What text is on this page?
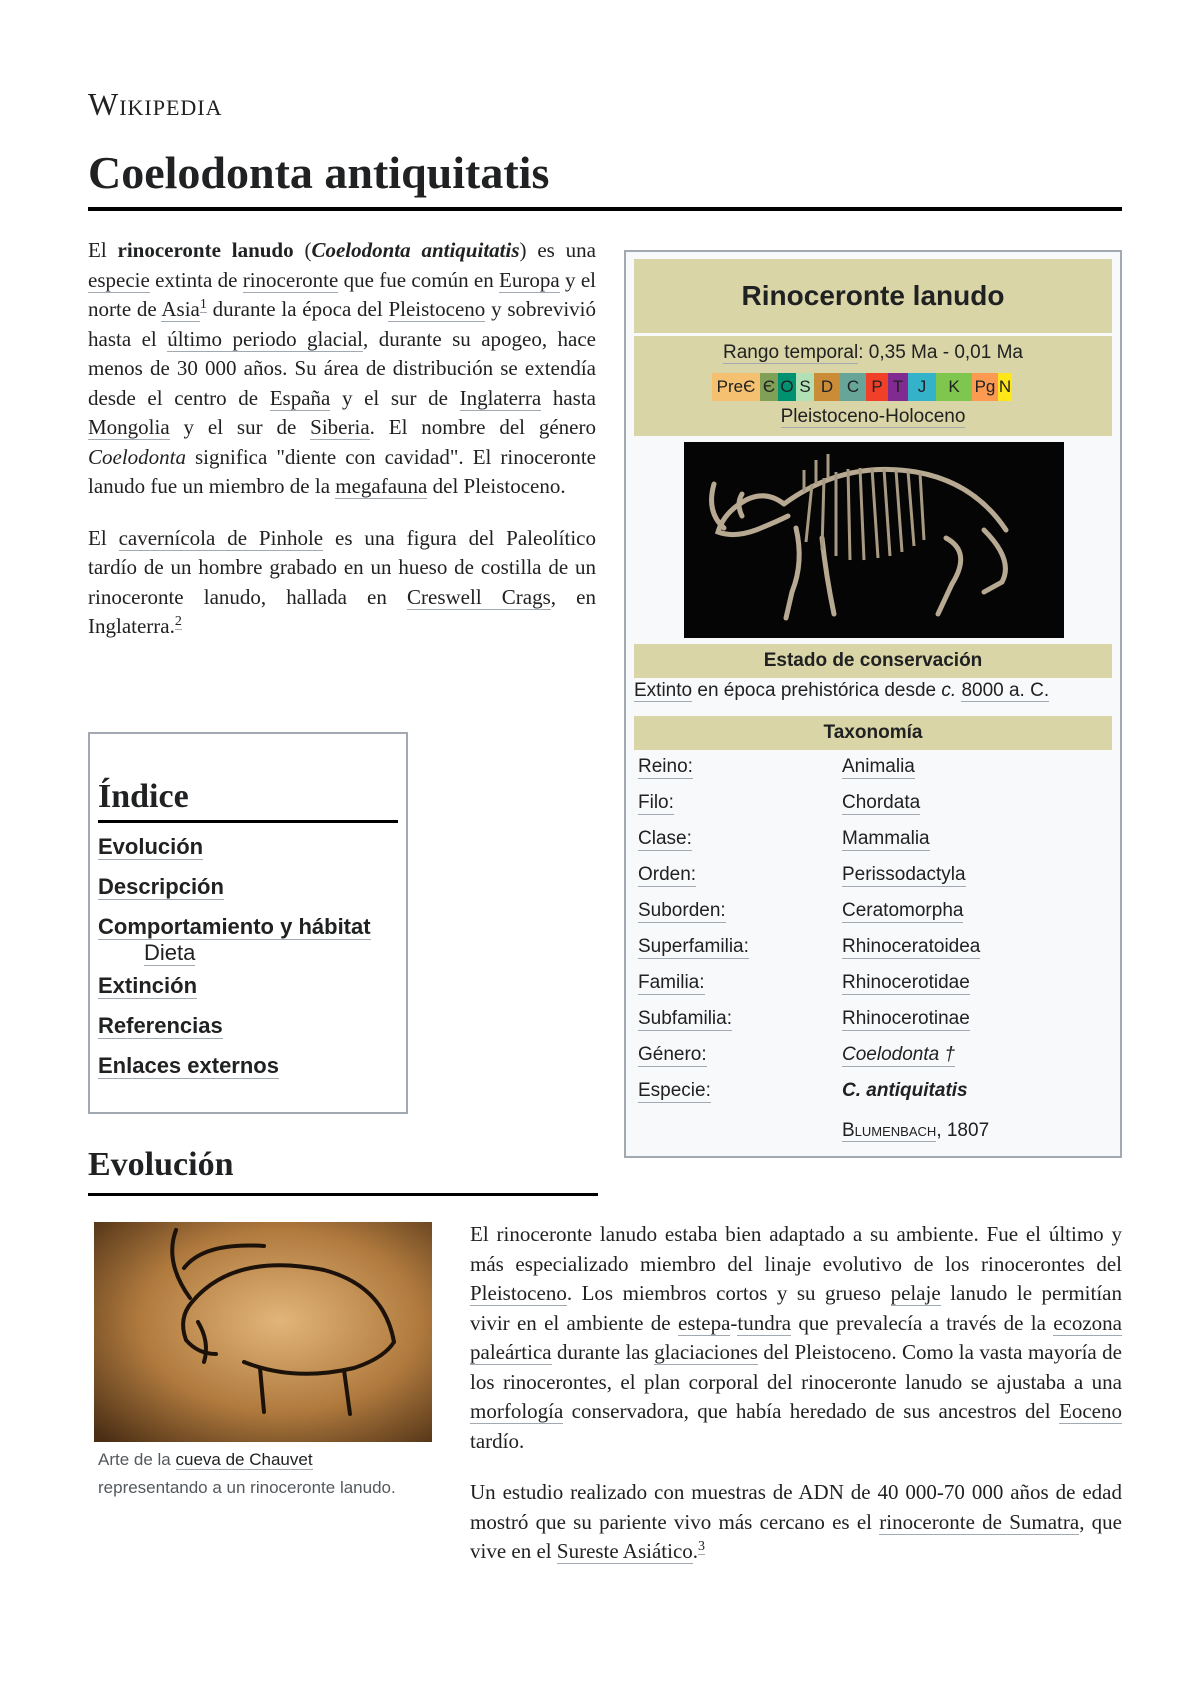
Wikipedia
Coelodonta antiquitatis

El rinoceronte lanudo (Coelodonta antiquitatis) es una especie extinta de rinoceronte que fue común en Europa y el norte de Asia$^1$ durante la época del Pleistoceno y sobrevivió hasta el último periodo glacial, durante su apogeo, hace menos de 30 000 años. Su área de distribución se extendía desde el centro de España y el sur de Inglaterra hasta Mongolia y el sur de Siberia. El nombre del género Coelodonta significa "diente con cavidad". El rinoceronte lanudo fue un miembro de la megafauna del Pleistoceno.

El cavernícola de Pinhole es una figura del Paleolítico tardío de un hombre grabado en un hueso de costilla de un rinoceronte lanudo, hallada en Creswell Crags, en Inglaterra.$^2$

Índice
Evolución
Descripción
Comportamiento y hábitat
Dieta
Extinción
Referencias
Enlaces externos
Rinoceronte lanudo
Rango temporal: 0,35 Ma - 0,01 Ma
PreЄ Є O S D C P T J	K Pg N
Pleistoceno-Holoceno
Estado de conservación
Extinto en época prehistórica desde c. 8000 a. C.
Taxonomía
Reino:	Animalia
Filo:	Chordata
Clase:	Mammalia
Orden:	Perissodactyla
Suborden:	Ceratomorpha
Superfamilia:	Rhinoceratoidea
Familia:	Rhinocerotidae
Subfamilia:	Rhinocerotinae
Género:	Coelodonta †
Especie:	C. antiquitatis
Blumenbach, 1807
Evolución
Arte de la cueva de Chauvet representando a un rinoceronte lanudo.

El rinoceronte lanudo estaba bien adaptado a su ambiente. Fue el último y más especializado miembro del linaje evolutivo de los rinocerontes del Pleistoceno. Los miembros cortos y su grueso pelaje lanudo le permitían vivir en el ambiente de estepa-tundra que prevalecía a través de la ecozona paleártica durante las glaciaciones del Pleistoceno. Como la vasta mayoría de los rinocerontes, el plan corporal del rinoceronte lanudo se ajustaba a una morfología conservadora, que había heredado de sus ancestros del Eoceno tardío.

Un estudio realizado con muestras de ADN de 40 000-70 000 años de edad mostró que su pariente vivo más cercano es el rinoceronte de Sumatra, que vive en el Sureste Asiático.$^3$
